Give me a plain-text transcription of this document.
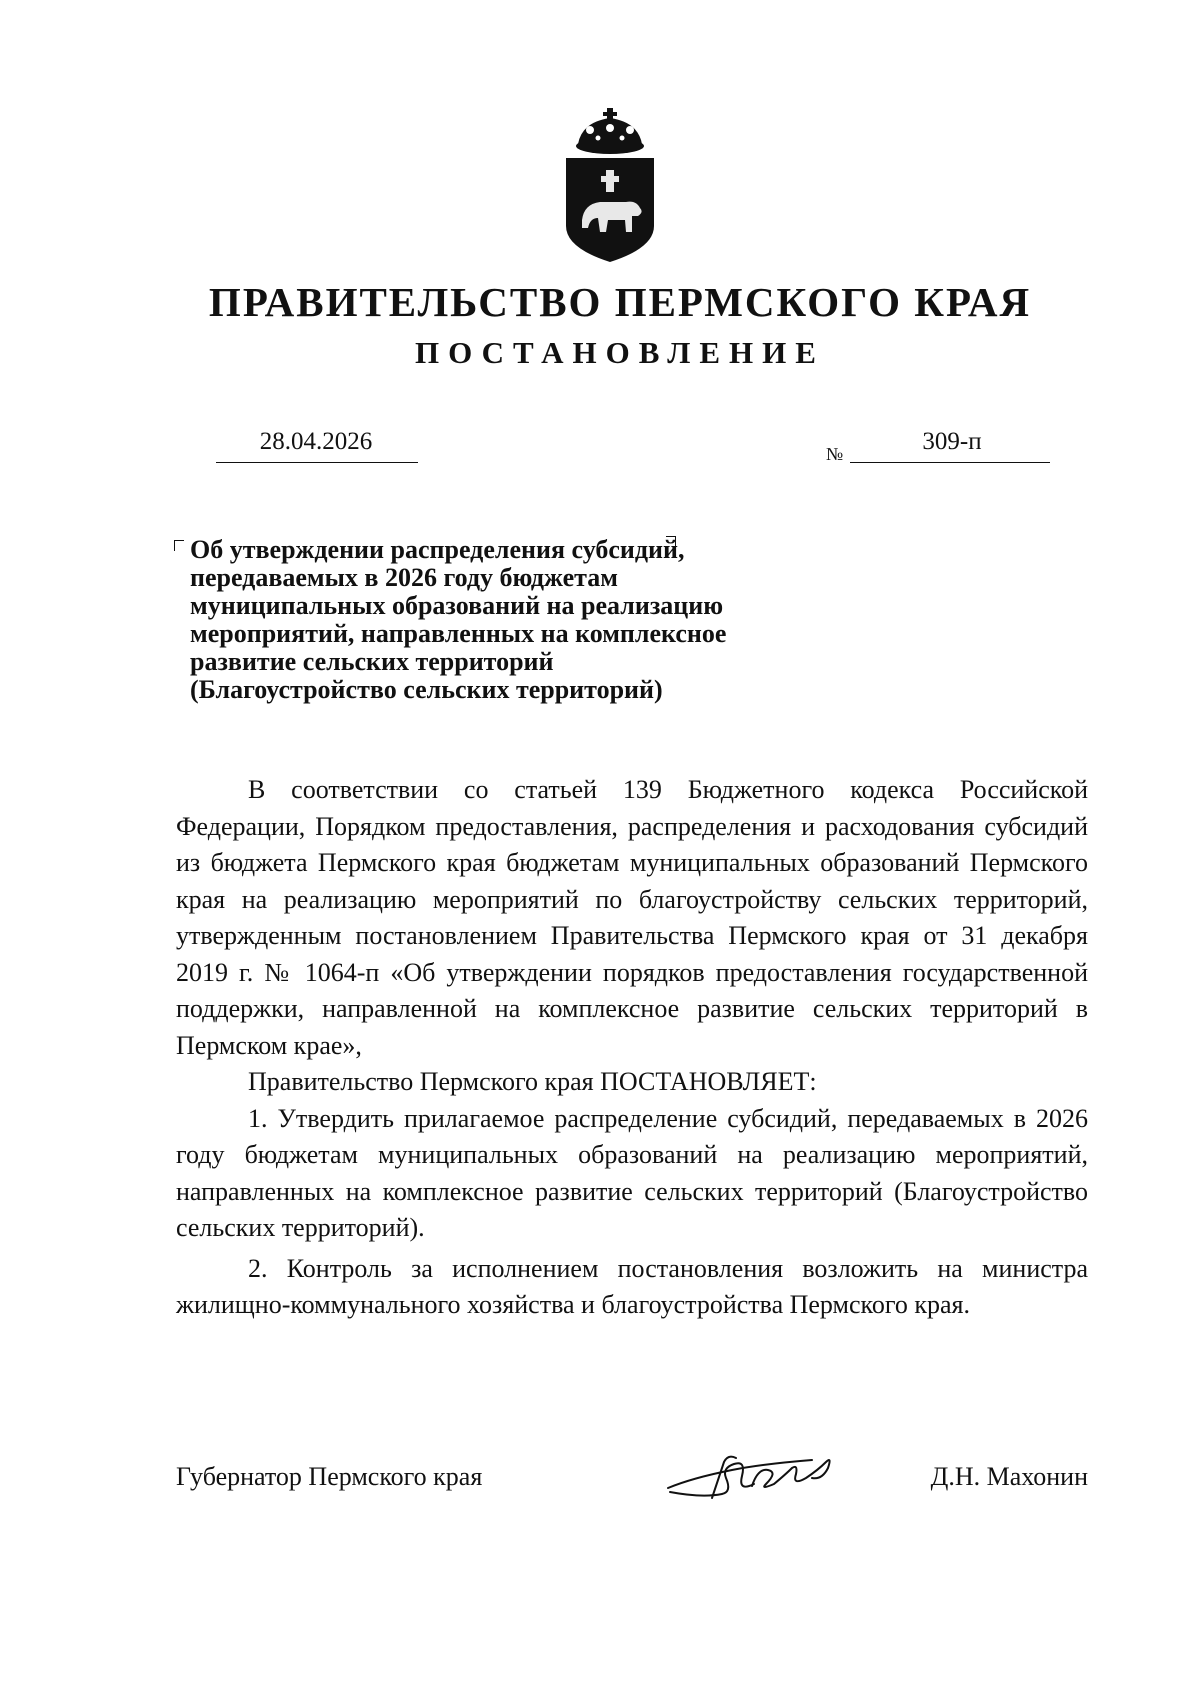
ПРАВИТЕЛЬСТВО ПЕРМСКОГО КРАЯ
ПОСТАНОВЛЕНИЕ
28.04.2026	№	309-п
Об утверждении распределения субсидий,
передаваемых в 2026 году бюджетам
муниципальных образований на реализацию
мероприятий, направленных на комплексное
развитие сельских территорий
(Благоустройство сельских территорий)

В соответствии со статьей 139 Бюджетного кодекса Российской Федерации, Порядком предоставления, распределения и расходования субсидий из бюджета Пермского края бюджетам муниципальных образований Пермского края на реализацию мероприятий по благоустройству сельских территорий, утвержденным постановлением Правительства Пермского края от 31 декабря 2019 г. № 1064-п «Об утверждении порядков предоставления государственной поддержки, направленной на комплексное развитие сельских территорий в Пермском крае»,

Правительство Пермского края ПОСТАНОВЛЯЕТ:

1. Утвердить прилагаемое распределение субсидий, передаваемых в 2026 году бюджетам муниципальных образований на реализацию мероприятий, направленных на комплексное развитие сельских территорий (Благоустройство сельских территорий).

2. Контроль за исполнением постановления возложить на министра жилищно-коммунального хозяйства и благоустройства Пермского края.

Губернатор Пермского края	Д.Н. Махонин
